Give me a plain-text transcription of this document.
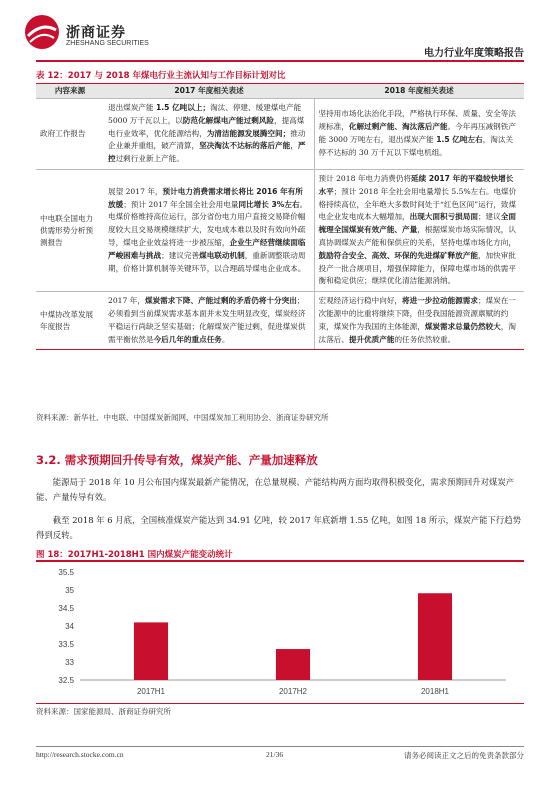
浙商证券
ZHESHANG SECURITIES
电力行业年度策略报告
表 12：2017 与 2018 年煤电行业主流认知与工作目标计划对比
内容来源	2017 年度相关表述	2018 年度相关表述
政府工作报告	退出煤炭产能 1.5 亿吨以上；淘汰、停建、缓建煤电产能 5000 万千瓦以上，以防范化解煤电产能过剩风险，提高煤电行业效率，优化能源结构，为清洁能源发展腾空间；推动企业兼并重组，破产清算，坚决淘汰不达标的落后产能，严控过剩行业新上产能。	坚持用市场化法治化手段，严格执行环保、质量、安全等法规标准，化解过剩产能、淘汰落后产能。今年再压减钢铁产能 3000 万吨左右，退出煤炭产能 1.5 亿吨左右，淘汰关停不达标的 30 万千瓦以下煤电机组。

中电联全国电力供需形势分析预测报告	展望 2017 年，预计电力消费需求增长将比 2016 年有所放缓；预计 2017 年全国全社会用电量同比增长 3%左右。电煤价格维持高位运行，部分省份电力用户直接交易降价幅度较大且交易规模继续扩大，发电成本难以及时有效向外疏导，煤电企业效益将进一步被压缩，企业生产经营继续面临严峻困难与挑战；建议完善煤电联动机制，重新调整联动周期，价格计算机制等关键环节，以合理疏导煤电企业成本。	预计 2018 年电力消费仍将延续 2017 年的平稳较快增长水平；预计 2018 年全社会用电量增长 5.5%左右。电煤价格持续高位，全年绝大多数时间处于“红色区间”运行，致煤电企业发电成本大幅增加，出现大面积亏损局面；建议全面梳理全国煤炭有效产能、产量，根据煤炭市场实际情况，认真协调煤炭去产能和保供应的关系，坚持电煤市场化方向，鼓励符合安全、高效、环保的先进煤矿释放产能，加快审批投产一批合规项目，增强保障能力，保障电煤市场的供需平衡和稳定供应；继续优化清洁能源消纳。

中煤协改革发展年度报告	2017 年，煤炭需求下降、产能过剩的矛盾仍将十分突出；必须看到当前煤炭需求基本面并未发生明显改变，煤炭经济平稳运行尚缺乏坚实基础；化解煤炭产能过剩，促进煤炭供需平衡依然是今后几年的重点任务。	宏观经济运行稳中向好，将进一步拉动能源需求；煤炭在一次能源中的比重将继续下降，但受我国能源资源禀赋的约束，煤炭作为我国的主体能源，煤炭需求总量仍然较大，淘汰落后、提升优质产能的任务依然较重。
资料来源：新华社、中电联、中国煤炭新闻网、中国煤炭加工利用协会、浙商证券研究所
3.2. 需求预期回升传导有效，煤炭产能、产量加速释放
能源局于 2018 年 10 月公布国内煤炭最新产能情况，在总量规模、产能结构两方面均取得积极变化，需求预期回升对煤炭产能、产量传导有效。
截至 2018 年 6 月底，全国核准煤炭产能达到 34.91 亿吨，较 2017 年底新增 1.55 亿吨，如图 18 所示，煤炭产能下行趋势得到反转。
图 18：2017H1-2018H1 国内煤炭产能变动统计
32.5
33
33.5
34
34.5
35
35.5
2017H1	2017H2	2018H1
资料来源：国家能源局、浙商证券研究所
http://research.stocke.com.cn	21/36	请务必阅读正文之后的免责条款部分
